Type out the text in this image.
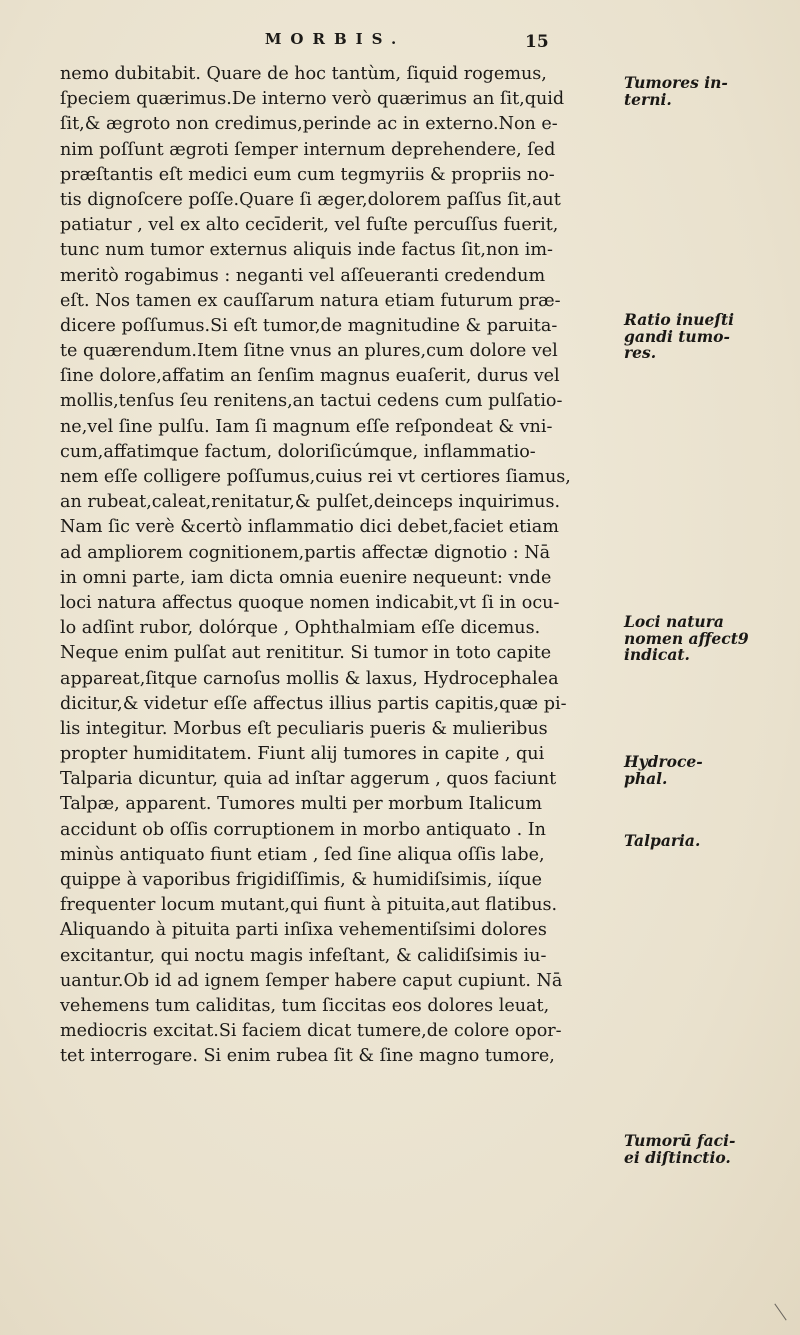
MORBIS.	15
nemo dubitabit. Quare de hoc tantùm, ſiquid rogemus,
ſpeciem quærimus.De interno verò quærimus an ſit,quid
ſit,& ægroto non credimus,perinde ac in externo.Non e-
nim poſſunt ægroti ſemper internum deprehendere, ſed
præſtantis eſt medici eum cum tegmyriis & propriis no-
tis dignoſcere poſſe.Quare ſi æger,dolorem paſſus ſit,aut
patiatur , vel ex alto cecīderit, vel fuſte percuſſus fuerit,
tunc num tumor externus aliquis inde factus ſit,non im-
meritò rogabimus : neganti vel aſſeueranti credendum
eſt. Nos tamen ex cauſſarum natura etiam futurum præ-
dicere poſſumus.Si eſt tumor,de magnitudine & paruita-
te quærendum.Item ſitne vnus an plures,cum dolore vel
ſine dolore,affatim an ſenſim magnus euaſerit, durus vel
mollis,tenſus ſeu renitens,an tactui cedens cum pulſatio-
ne,vel ſine pulſu. Iam ſi magnum eſſe reſpondeat & vni-
cum,affatimque factum, doloriſicúmque, inflammatio-
nem eſſe colligere poſſumus,cuius rei vt certiores ſiamus,
an rubeat,caleat,renitatur,& pulſet,deinceps inquirimus.
Nam ſic verè &certò inflammatio dici debet,faciet etiam
ad ampliorem cognitionem,partis affectæ dignotio : Nā
in omni parte, iam dicta omnia euenire nequeunt: vnde
loci natura affectus quoque nomen indicabit,vt ſi in ocu-
lo adſint rubor, dolórque , Ophthalmiam eſſe dicemus.
Neque enim pulſat aut renititur. Si tumor in toto capite
appareat,ſitque carnoſus mollis & laxus, Hydrocephalea
dicitur,& videtur eſſe affectus illius partis capitis,quæ pi-
lis integitur. Morbus eſt peculiaris pueris & mulieribus
propter humiditatem. Fiunt alij tumores in capite , qui
Talparia dicuntur, quia ad inſtar aggerum , quos faciunt
Talpæ, apparent. Tumores multi per morbum Italicum
accidunt ob oſſis corruptionem in morbo antiquato . In
minùs antiquato fiunt etiam , ſed ſine aliqua oſſis labe,
quippe à vaporibus frigidiſſimis, & humidiſsimis, iíque
frequenter locum mutant,qui fiunt à pituita,aut flatibus.
Aliquando à pituita parti inſixa vehementiſsimi dolores
excitantur, qui noctu magis infeſtant, & calidiſsimis iu-
uantur.Ob id ad ignem ſemper habere caput cupiunt. Nā
vehemens tum caliditas, tum ſiccitas eos dolores leuat,
mediocris excitat.Si faciem dicat tumere,de colore opor-
tet interrogare. Si enim rubea ſit & ſine magno tumore,
Tumores in-
terni.
Ratio inueſti
gandi tumo-
res.
Loci natura
nomen affect9
indicat.
Hydroce-
phal.
Talparia.
Tumorū faci-
ei diſtinctio.
